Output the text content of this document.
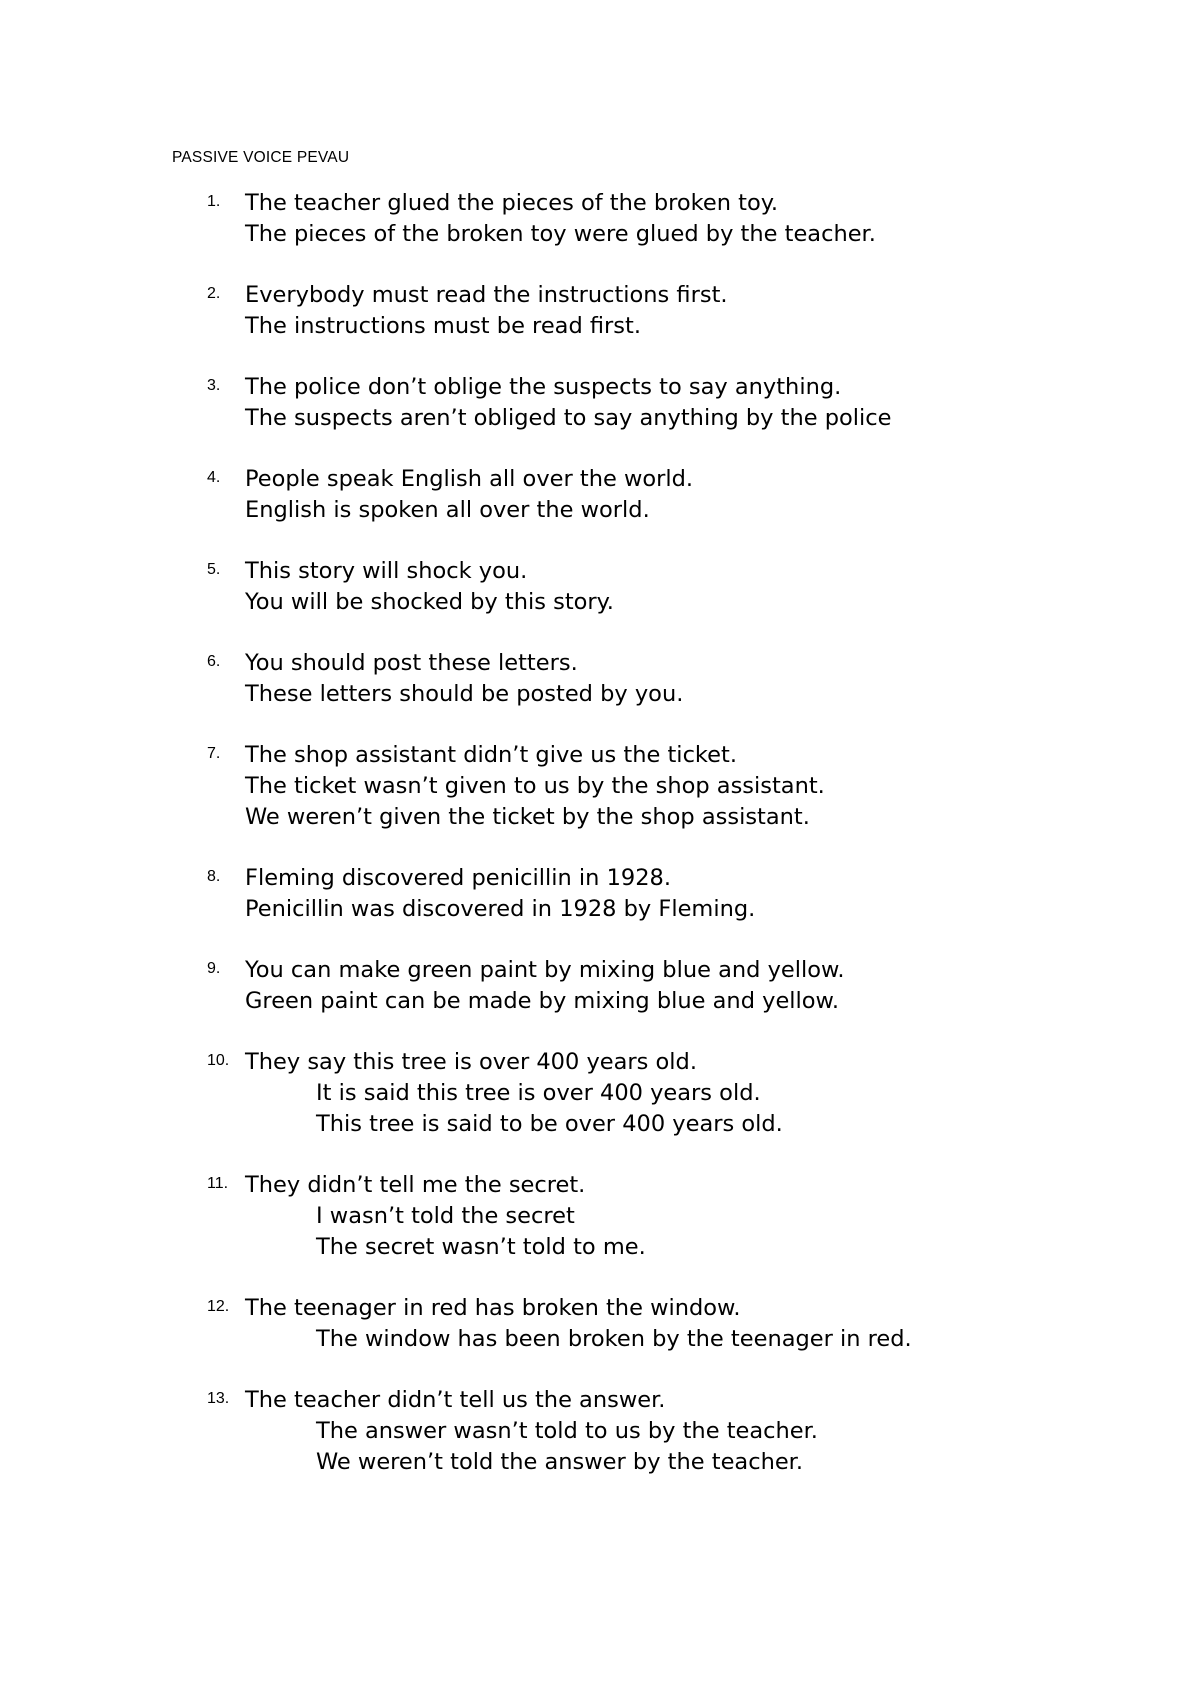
PASSIVE VOICE PEVAU
1. The teacher glued the pieces of the broken toy.
The pieces of the broken toy were glued by the teacher.
2. Everybody must read the instructions first.
The instructions must be read first.
3. The police don’t oblige the suspects to say anything.
The suspects aren’t obliged to say anything by the police
4. People speak English all over the world.
English is spoken all over the world.
5. This story will shock you.
You will be shocked by this story.
6. You should post these letters.
These letters should be posted by you.
7. The shop assistant didn’t give us the ticket.
The ticket wasn’t given to us by the shop assistant.
We weren’t given the ticket by the shop assistant.
8. Fleming discovered penicillin in 1928.
Penicillin was discovered in 1928 by Fleming.
9. You can make green paint by mixing blue and yellow.
Green paint can be made by mixing blue and yellow.
10. They say this tree is over 400 years old.
It is said this tree is over 400 years old.
This tree is said to be over 400 years old.
11. They didn’t tell me the secret.
I wasn’t told the secret
The secret wasn’t told to me.
12. The teenager in red has broken the window.
The window has been broken by the teenager in red.
13. The teacher didn’t tell us the answer.
The answer wasn’t told to us by the teacher.
We weren’t told the answer by the teacher.
